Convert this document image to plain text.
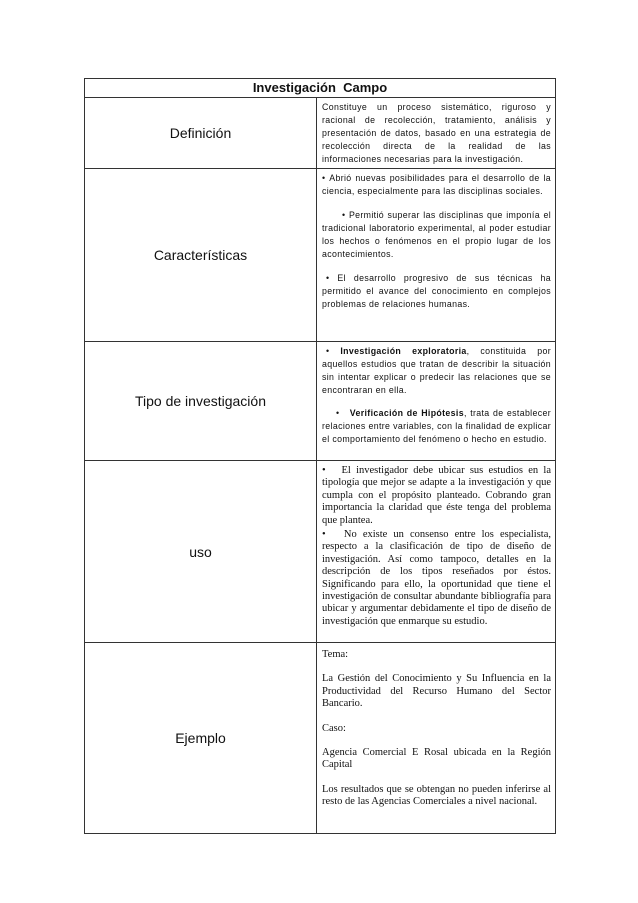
Investigación  Campo	
Definición	Constituye un proceso sistemático, riguroso y racional de recolección, tratamiento, análisis y presentación de datos, basado en una estrategia de recolección directa de la realidad de las informaciones necesarias para la investigación.

Características	• Abrió nuevas posibilidades para el desarrollo de la ciencia, especialmente para las disciplinas sociales.

• Permitió superar las disciplinas que imponía el tradicional laboratorio experimental, al poder estudiar los hechos o fenómenos en el propio lugar de los acontecimientos.

• El desarrollo progresivo de sus técnicas ha permitido el avance del conocimiento en complejos problemas de relaciones humanas.

Tipo de investigación	• Investigación exploratoria, constituida por aquellos estudios que tratan de describir la situación sin intentar explicar o predecir las relaciones que se encontraran en ella.

•   Verificación de Hipótesis, trata de establecer relaciones entre variables, con la finalidad de explicar el comportamiento del fenómeno o hecho en estudio.

uso	•   El investigador debe ubicar sus estudios en la tipología que mejor se adapte a la investigación y que cumpla con el propósito planteado. Cobrando gran importancia la claridad que éste tenga del problema que plantea.

•   No existe un consenso entre los especialista, respecto a la clasificación de tipo de diseño de investigación. Así como tampoco, detalles en la descripción de los tipos reseñados por éstos. Significando para ello, la oportunidad que tiene el investigación de consultar abundante bibliografía para ubicar y argumentar debidamente el tipo de diseño de investigación que enmarque su estudio.

Ejemplo	Tema:

La Gestión del Conocimiento y Su Influencia en la Productividad del Recurso Humano del Sector Bancario.

Caso:

Agencia Comercial E Rosal ubicada en la Región Capital

Los resultados que se obtengan no pueden inferirse al resto de las Agencias Comerciales a nivel nacional.
